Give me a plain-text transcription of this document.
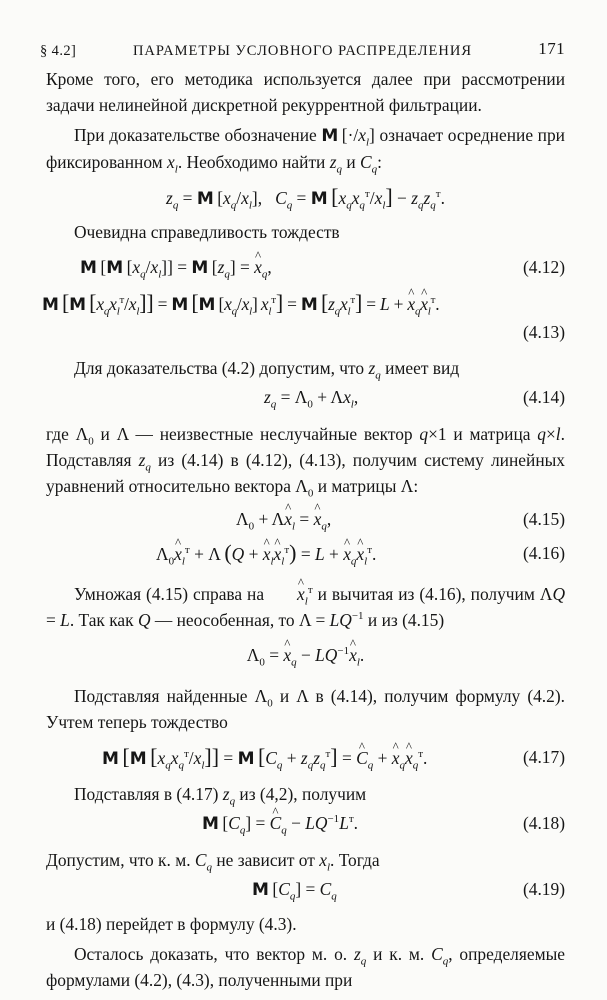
§ 4.2]	ПАРАМЕТРЫ УСЛОВНОГО РАСПРЕДЕЛЕНИЯ	171

Кроме того, его методика используется далее при рассмотрении задачи нелинейной дискретной рекуррентной фильтрации.

При доказательстве обозначение M $[\cdot/x_l]$ означает осреднение при фиксированном $x_l$. Необходимо найти $z_q$ и $C_q$:

$z_q = M$ $[x_q/x_l]$,   $C_q = M$  $[x_qx_q^т/x_l] - z_qz_q^т$.

Очевидна справедливость тождеств

M [M $[x_q/x_l]] = M$ $[z_q]$ = ^ $x_q$,	(4.12)
M  [M  $[x_qx_l^т/x_l]] = M$  [M $[x_q/x_l] x_l^т] = M$  $[z_qx_l^т] = L$ + ^ $x_q\^{}$ $x_l^т$.
(4.13)

Для доказательства (4.2) допустим, что $z_q$ имеет вид

$z_q = \Lambda_0 + \Lambda x_l$,	(4.14)

где $\Lambda_0$ и Λ — неизвестные неслучайные вектор q×1 и матрица q×l. Подставляя $z_q$ из (4.14) в (4.12), (4.13), получим систему линейных уравнений относительно вектора $\Lambda_0$ и матрицы Λ:

$\Lambda_0$ + Λ^ $x_l$ = ^ $x_q$,	(4.15)
$\Lambda_0\^{}$ $x_l^т + \Lambda$ (Q + ^ $x_l\^{}$ $x_l^т) = L$ + ^ $x_q\^{}$ $x_l^т$.	(4.16)

Умножая (4.15) справа на ^ $x_l^т$ и вычитая из (4.16), получим ΛQ = L. Так как Q — неособенная, то $\Lambda = LQ^{-1}$ и из (4.15)

$\Lambda_0$ = ^ $x_q$ − $LQ^{-1}\^{}$ $x_l$.

Подставляя найденные $\Lambda_0$ и Λ в (4.14), получим формулу (4.2). Учтем теперь тождество

M  [M  $[x_qx_q^т/x_l]] = M$  $[C_q + z_qz_q^т]$ = ^ $C_q$ + ^ $x_q\^{}$ $x_q^т$.	(4.17)

Подставляя в (4.17) $z_q$ из (4,2), получим

M $[C_q]$ = ^ $C_q - LQ^{-1}L^т$.	(4.18)

Допустим, что к. м. $C_q$ не зависит от $x_l$. Тогда

M $[C_q] = C_q$	(4.19)

и (4.18) перейдет в формулу (4.3).

Осталось доказать, что вектор м. о. $z_q$ и к. м. $C_q$, определяемые формулами (4.2), (4.3), полученными при
